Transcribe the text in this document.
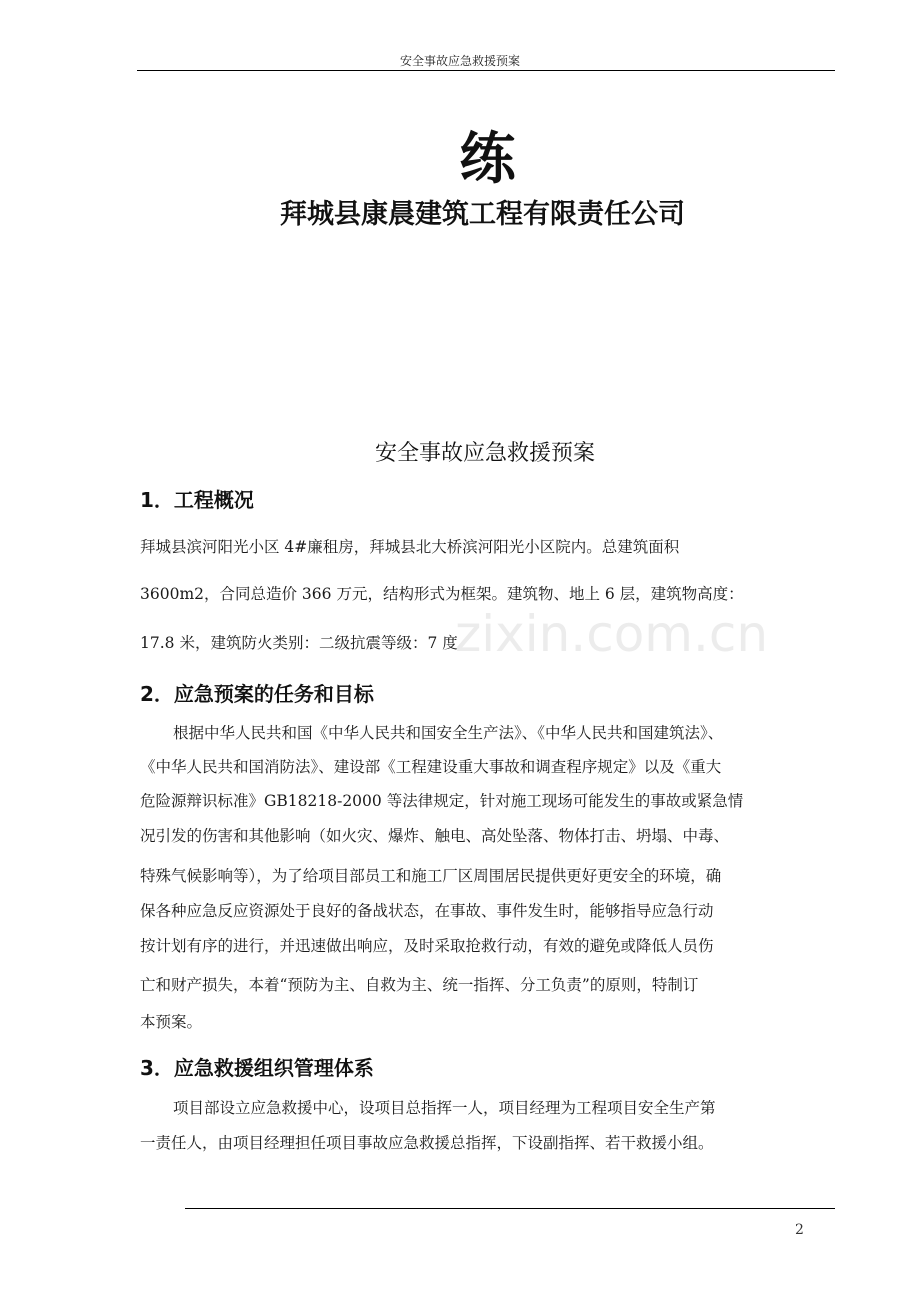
安全事故应急救援预案
练
拜城县康晨建筑工程有限责任公司
安全事故应急救援预案
1．工程概况
拜城县滨河阳光小区 4#廉租房，拜城县北大桥滨河阳光小区院内。总建筑面积
3600m2，合同总造价 366 万元，结构形式为框架。建筑物、地上 6 层，建筑物高度：
17.8 米，建筑防火类别：二级抗震等级：7 度
zixin.com.cn
2．应急预案的任务和目标
根据中华人民共和国《中华人民共和国安全生产法》、《中华人民共和国建筑法》、
《中华人民共和国消防法》、建设部《工程建设重大事故和调查程序规定》以及《重大
危险源辩识标准》GB18218-2000 等法律规定，针对施工现场可能发生的事故或紧急情
况引发的伤害和其他影响（如火灾、爆炸、触电、高处坠落、物体打击、坍塌、中毒、
特殊气候影响等），为了给项目部员工和施工厂区周围居民提供更好更安全的环境，确
保各种应急反应资源处于良好的备战状态，在事故、事件发生时，能够指导应急行动
按计划有序的进行，并迅速做出响应，及时采取抢救行动，有效的避免或降低人员伤
亡和财产损失，本着“预防为主、自救为主、统一指挥、分工负责”的原则，特制订
本预案。
3．应急救援组织管理体系
项目部设立应急救援中心，设项目总指挥一人，项目经理为工程项目安全生产第
一责任人，由项目经理担任项目事故应急救援总指挥，下设副指挥、若干救援小组。
2
